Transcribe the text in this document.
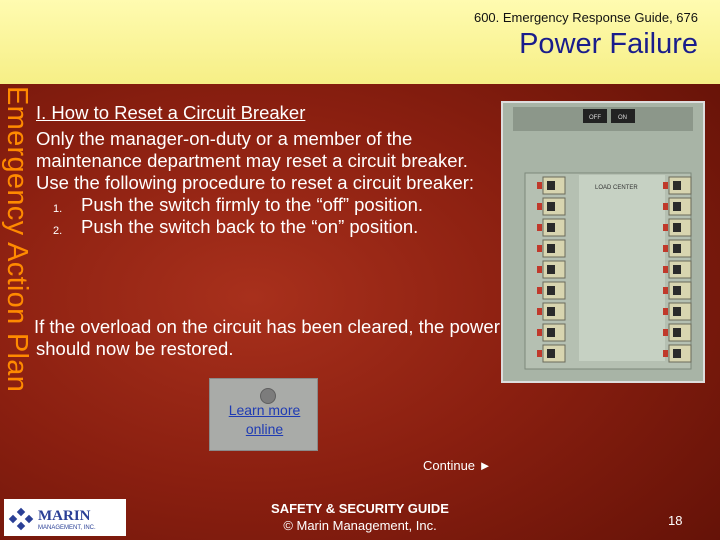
600. Emergency Response Guide, 676
Power Failure
Emergency Action Plan I. How to Reset a Circuit Breaker

Only the manager-on-duty or a member of the maintenance department may reset a circuit breaker. Use the following procedure to reset a circuit breaker:

1. Push the switch firmly to the “off” position.

2. Push the switch back to the “on” position.

If the overload on the circuit has been cleared, the power should now be restored.
OFF	ON
LOAD CENTER
Learn more online
Continue ►
MARIN
MANAGEMENT, INC.
SAFETY & SECURITY GUIDE
© Marin Management, Inc.	18
